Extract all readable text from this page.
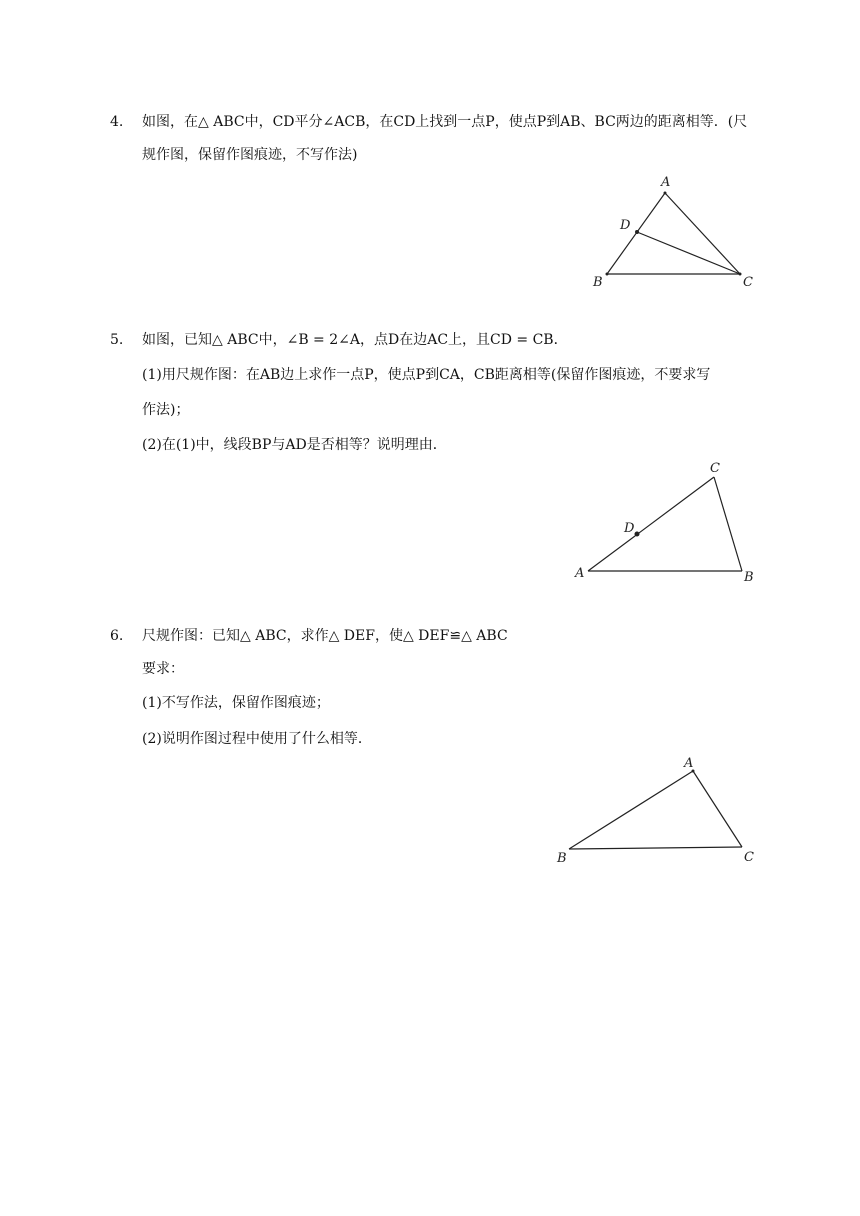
4. 如图，在△ ABC中，CD平分∠ACB，在CD上找到一点P，使点P到AB、BC两边的距离相等．(尺
规作图，保留作图痕迹，不写作法)
A
D
B	C
5. 如图，已知△ ABC中，∠B = 2∠A，点D在边AC上，且CD = CB．
(1)用尺规作图：在AB边上求作一点P，使点P到CA，CB距离相等(保留作图痕迹，不要求写
作法)；
(2)在(1)中，线段BP与AD是否相等？说明理由．
C
D
A	B
6. 尺规作图：已知△ ABC，求作△ DEF，使△ DEF≌△ ABC
要求：
(1)不写作法，保留作图痕迹；
(2)说明作图过程中使用了什么相等．
A
B	C
